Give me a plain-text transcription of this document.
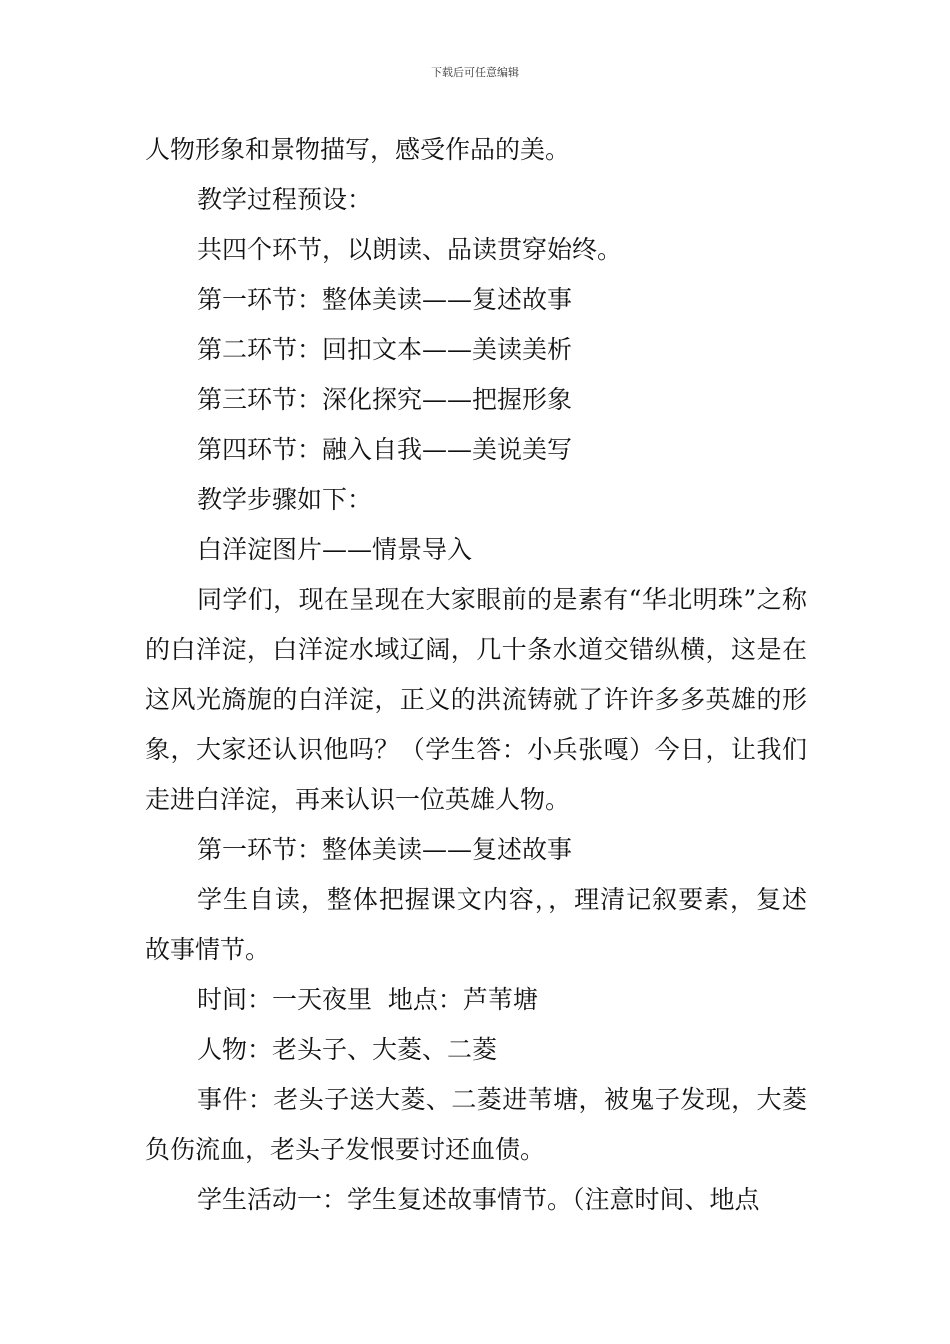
下载后可任意编辑

人物形象和景物描写，感受作品的美。

教学过程预设：

共四个环节，以朗读、品读贯穿始终。

第一环节：整体美读——复述故事

第二环节：回扣文本——美读美析

第三环节：深化探究——把握形象

第四环节：融入自我——美说美写

教学步骤如下：

白洋淀图片——情景导入

同学们，现在呈现在大家眼前的是素有“华北明珠”之称的白洋淀，白洋淀水域辽阔，几十条水道交错纵横，这是在这风光旖旎的白洋淀，正义的洪流铸就了许许多多英雄的形象，大家还认识他吗？（学生答：小兵张嘎）今日，让我们走进白洋淀，再来认识一位英雄人物。

第一环节：整体美读——复述故事

学生自读，整体把握课文内容，，理清记叙要素，复述故事情节。

时间：一天夜里  地点：芦苇塘

人物：老头子、大菱、二菱

事件：老头子送大菱、二菱进苇塘，被鬼子发现，大菱负伤流血，老头子发恨要讨还血债。

学生活动一：学生复述故事情节。（注意时间、地点
